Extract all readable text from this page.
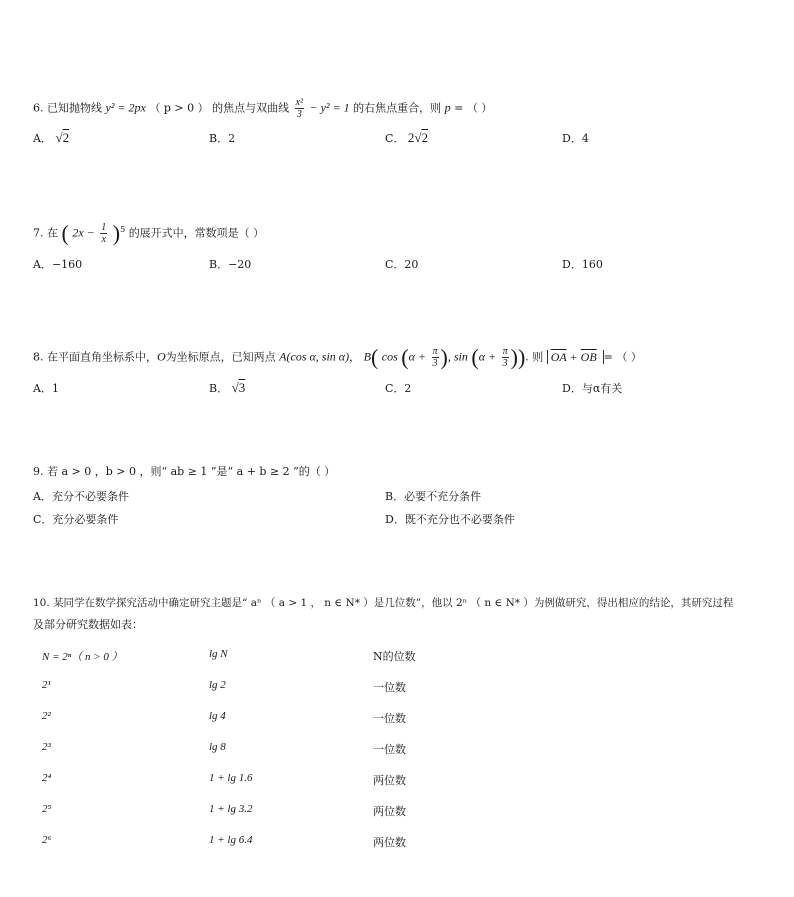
6. 已知抛物线 y² = 2px （ p > 0 ） 的焦点与双曲线 $\frac{\text{x²}}{3} - y^2 = 1$ 的右焦点重合，则 p = （ ）
A． √2	B．2	C． 2√2	D．4
7. 在 ( $2x - \frac{1}{x} )^5$ 的展开式中，常数项是（ ）
A．−160	B．−20	C．20	D．160
8. 在平面直角坐标系中，O为坐标原点，已知两点 A(cos α, sin α)， B( $\cos (\alpha + \frac{\pi}{3}$ ), $\sin (\alpha + \frac{\pi}{3}$ )). 则 $\overline{OA} + \overline{OB}$ = （ ）
A．1	B． √3	C．2	D．与α有关
9. 若 a > 0 ，b > 0 ，则“ ab ≥ 1 ”是“ a + b ≥ 2 ”的（ ）
A．充分不必要条件	B．必要不充分条件
C．充分必要条件	D．既不充分也不必要条件
10. 某同学在数学探究活动中确定研究主题是“ aⁿ （ a > 1 ， n ∈ N* ）是几位数”，他以 2ⁿ （ n ∈ N* ）为例做研究，得出相应的结论，其研究过程
及部分研究数据如表：
N = 2ⁿ（ n > 0 ）	lg N	N的位数
2¹	lg 2	一位数
2²	lg 4	一位数
2³	lg 8	一位数
2⁴	1 + lg 1.6	两位数
2⁵	1 + lg 3.2	两位数
2⁶	1 + lg 6.4	两位数
